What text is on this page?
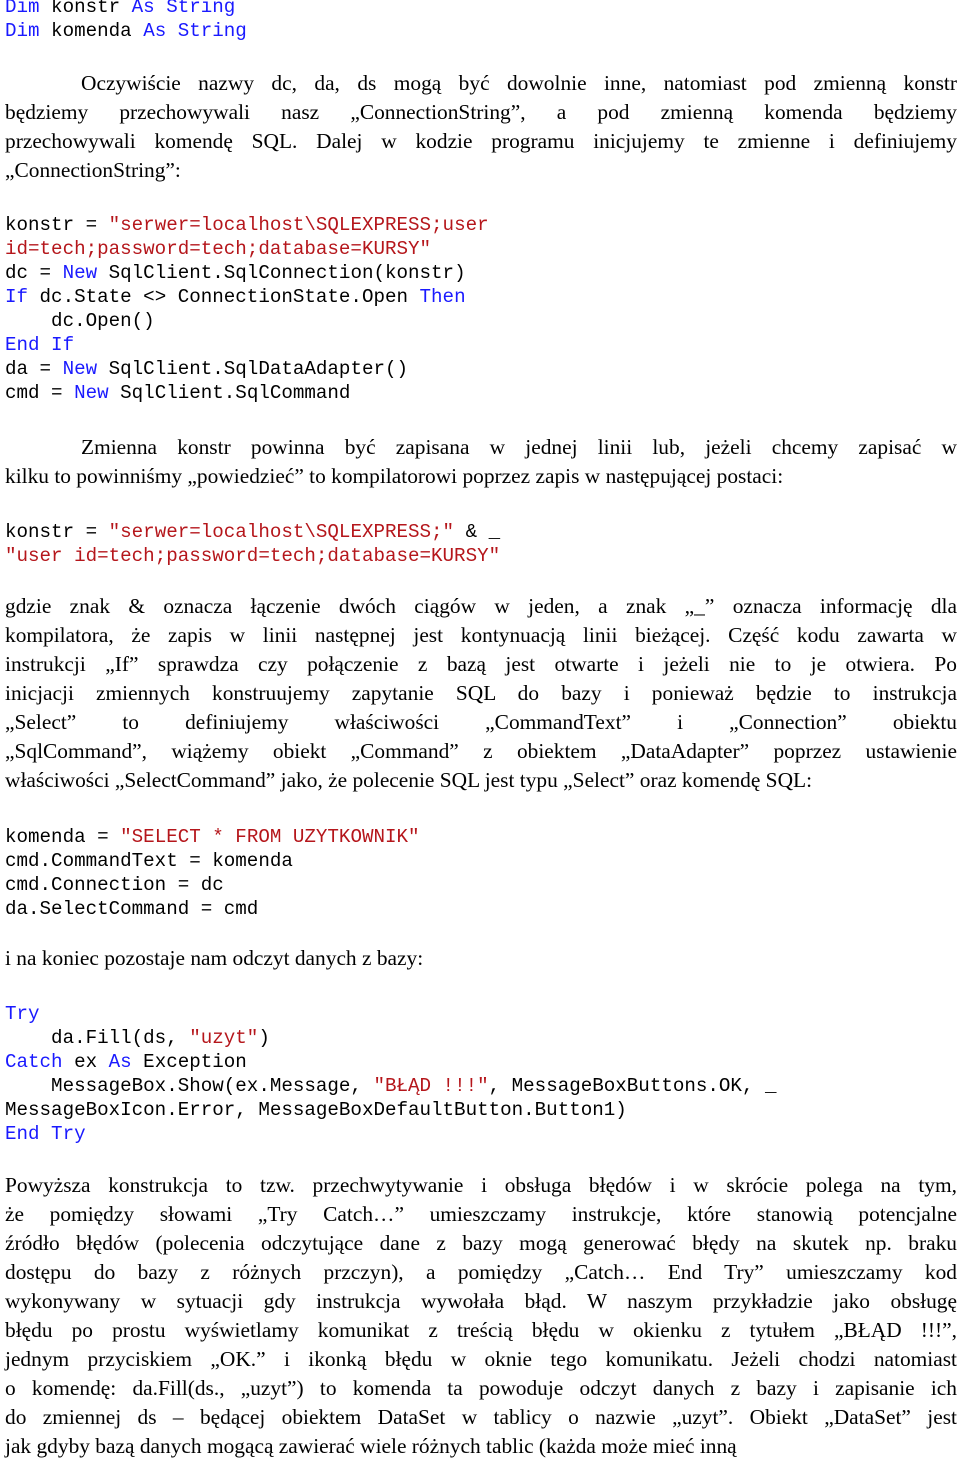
Dim konstr As String
Dim komenda As String
Oczywiście nazwy dc, da, ds mogą być dowolnie inne, natomiast pod zmienną konstr
będziemy przechowywali nasz „ConnectionString”, a pod zmienną komenda będziemy
przechowywali komendę SQL. Dalej w kodzie programu inicjujemy te zmienne i definiujemy
„ConnectionString”:
konstr = "serwer=localhost\SQLEXPRESS;user
id=tech;password=tech;database=KURSY"
dc = New SqlClient.SqlConnection(konstr)
If dc.State <> ConnectionState.Open Then
dc.Open()
End If
da = New SqlClient.SqlDataAdapter()
cmd = New SqlClient.SqlCommand
Zmienna konstr powinna być zapisana w jednej linii lub, jeżeli chcemy zapisać w
kilku to powinniśmy „powiedzieć” to kompilatorowi poprzez zapis w następującej postaci:
konstr = "serwer=localhost\SQLEXPRESS;" & _
"user id=tech;password=tech;database=KURSY"
gdzie znak & oznacza łączenie dwóch ciągów w jeden, a znak „_” oznacza informację dla
kompilatora, że zapis w linii następnej jest kontynuacją linii bieżącej. Część kodu zawarta w
instrukcji „If” sprawdza czy połączenie z bazą jest otwarte i jeżeli nie to je otwiera. Po
inicjacji zmiennych konstruujemy zapytanie SQL do bazy i ponieważ będzie to instrukcja
„Select” to definiujemy właściwości „CommandText” i „Connection” obiektu
„SqlCommand”, wiążemy obiekt „Command” z obiektem „DataAdapter” poprzez ustawienie
właściwości „SelectCommand” jako, że polecenie SQL jest typu „Select” oraz komendę SQL:
komenda = "SELECT * FROM UZYTKOWNIK"
cmd.CommandText = komenda
cmd.Connection = dc
da.SelectCommand = cmd
i na koniec pozostaje nam odczyt danych z bazy:
Try
da.Fill(ds, "uzyt")
Catch ex As Exception
MessageBox.Show(ex.Message, "BŁĄD !!!", MessageBoxButtons.OK, _
MessageBoxIcon.Error, MessageBoxDefaultButton.Button1)
End Try
Powyższa konstrukcja to tzw. przechwytywanie i obsługa błędów i w skrócie polega na tym,
że pomiędzy słowami „Try Catch…” umieszczamy instrukcje, które stanowią potencjalne
źródło błędów (polecenia odczytujące dane z bazy mogą generować błędy na skutek np. braku
dostępu do bazy z różnych przczyn), a pomiędzy „Catch… End Try” umieszczamy kod
wykonywany w sytuacji gdy instrukcja wywołała błąd. W naszym przykładzie jako obsługę
błędu po prostu wyświetlamy komunikat z treścią błędu w okienku z tytułem „BŁĄD !!!”,
jednym przyciskiem „OK.” i ikonką błędu w oknie tego komunikatu. Jeżeli chodzi natomiast
o komendę: da.Fill(ds., „uzyt”) to komenda ta powoduje odczyt danych z bazy i zapisanie ich
do zmiennej ds – będącej obiektem DataSet w tablicy o nazwie „uzyt”. Obiekt „DataSet” jest
jak gdyby bazą danych mogącą zawierać wiele różnych tablic (każda może mieć inną
